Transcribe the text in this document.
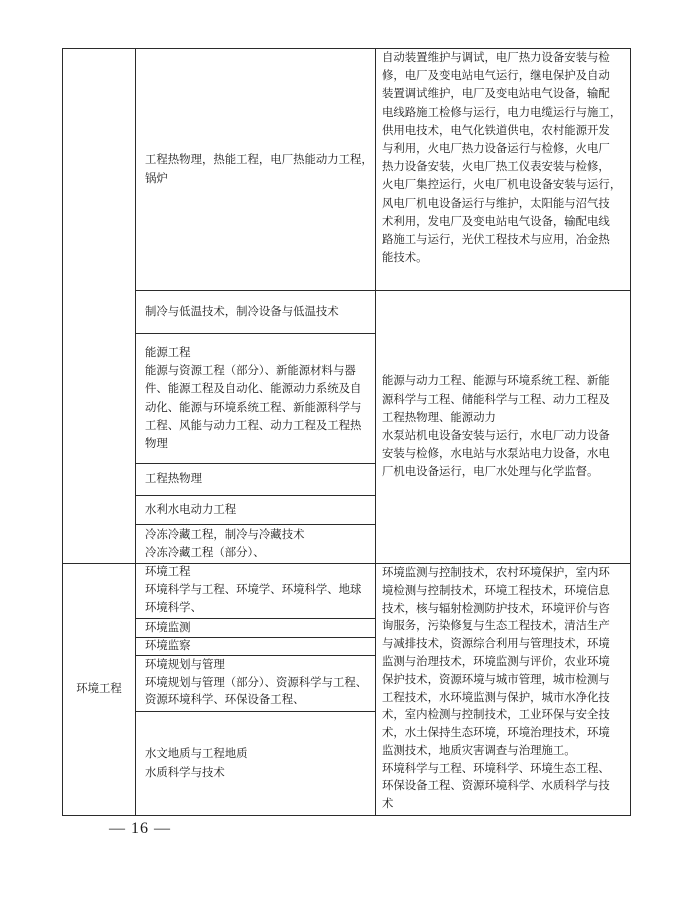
工程热物理，热能工程，电厂热能动力工程，
锅炉
自动装置维护与调试，电厂热力设备安装与检
修，电厂及变电站电气运行，继电保护及自动
装置调试维护，电厂及变电站电气设备，输配
电线路施工检修与运行，电力电缆运行与施工，
供用电技术，电气化铁道供电，农村能源开发
与利用，火电厂热力设备运行与检修，火电厂
热力设备安装，火电厂热工仪表安装与检修，
火电厂集控运行，火电厂机电设备安装与运行，
风电厂机电设备运行与维护，太阳能与沼气技
术利用，发电厂及变电站电气设备，输配电线
路施工与运行，光伏工程技术与应用，冶金热
能技术。
制冷与低温技术，制冷设备与低温技术
能源工程
能源与资源工程（部分）、新能源材料与器
件、能源工程及自动化、能源动力系统及自
动化、能源与环境系统工程、新能源科学与
工程、风能与动力工程、动力工程及工程热
物理
工程热物理
水利水电动力工程
冷冻冷藏工程，制冷与冷藏技术
冷冻冷藏工程（部分）、
能源与动力工程、能源与环境系统工程、新能
源科学与工程、储能科学与工程、动力工程及
工程热物理、能源动力
水泵站机电设备安装与运行，水电厂动力设备
安装与检修，水电站与水泵站电力设备，水电
厂机电设备运行，电厂水处理与化学监督。
环境工程
环境工程
环境科学与工程、环境学、环境科学、地球
环境科学、
环境监测
环境监察
环境规划与管理
环境规划与管理（部分）、资源科学与工程、
资源环境科学、环保设备工程、
水文地质与工程地质
水质科学与技术
环境监测与控制技术，农村环境保护，室内环
境检测与控制技术，环境工程技术，环境信息
技术，核与辐射检测防护技术，环境评价与咨
询服务，污染修复与生态工程技术，清洁生产
与减排技术，资源综合利用与管理技术，环境
监测与治理技术，环境监测与评价，农业环境
保护技术，资源环境与城市管理，城市检测与
工程技术，水环境监测与保护，城市水净化技
术，室内检测与控制技术，工业环保与安全技
术，水土保持生态环境，环境治理技术，环境
监测技术，地质灾害调查与治理施工。
环境科学与工程、环境科学、环境生态工程、
环保设备工程、资源环境科学、水质科学与技
术
— 16 —
